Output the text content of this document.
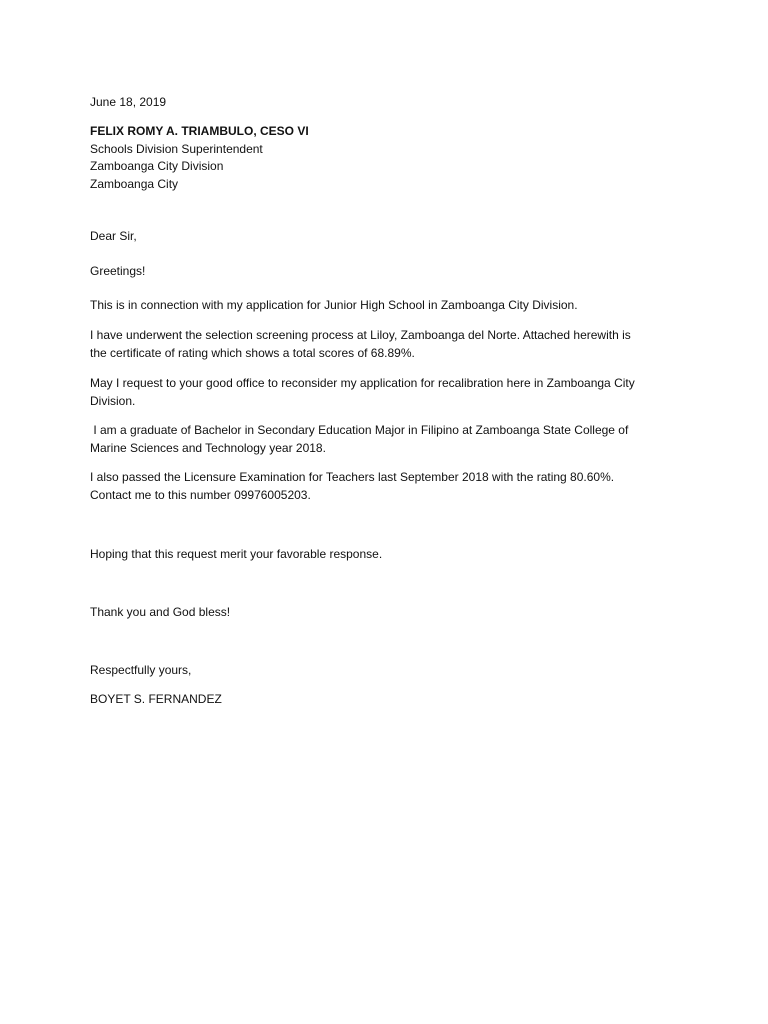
June 18, 2019
FELIX ROMY A. TRIAMBULO, CESO VI
Schools Division Superintendent
Zamboanga City Division
Zamboanga City
Dear Sir,
Greetings!
This is in connection with my application for Junior High School in Zamboanga City Division.
I have underwent the selection screening process at Liloy, Zamboanga del Norte. Attached herewith is
the certificate of rating which shows a total scores of 68.89%.
May I request to your good office to reconsider my application for recalibration here in Zamboanga City
Division.
I am a graduate of Bachelor in Secondary Education Major in Filipino at Zamboanga State College of
Marine Sciences and Technology year 2018.
I also passed the Licensure Examination for Teachers last September 2018 with the rating 80.60%.
Contact me to this number 09976005203.
Hoping that this request merit your favorable response.
Thank you and God bless!
Respectfully yours,
BOYET S. FERNANDEZ
